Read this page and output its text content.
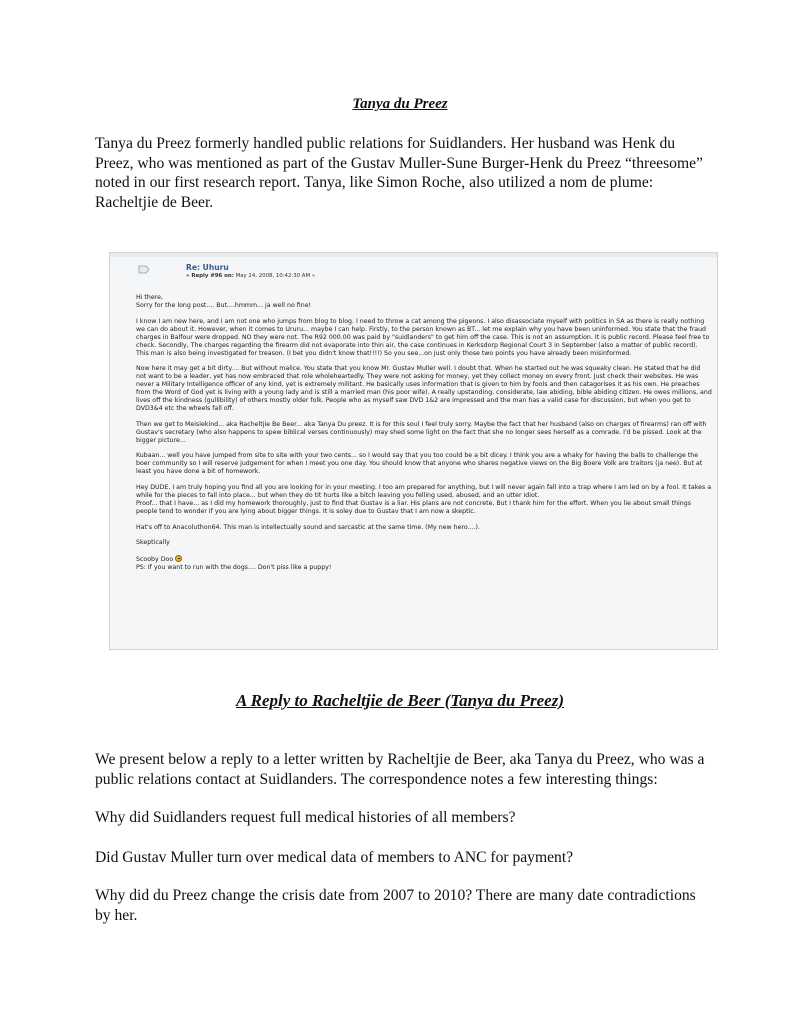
Tanya du Preez

Tanya du Preez formerly handled public relations for Suidlanders. Her husband was Henk du Preez, who was mentioned as part of the Gustav Muller-Sune Burger-Henk du Preez “threesome” noted in our first research report. Tanya, like Simon Roche, also utilized a nom de plume: Racheltjie de Beer.

Re: Uhuru
« Reply #96 on: May 24, 2008, 10:42:30 AM »

Hi there,
Sorry for the long post.... But....hmmm... ja well no fine!

I know I am new here, and I am not one who jumps from blog to blog. I need to throw a cat among the pigeons. I also disassociate myself with politics in SA as there is really nothing we can do about it. However, when it comes to Ururu... maybe I can help. Firstly, to the person known as BT... let me explain why you have been uninformed. You state that the fraud charges in Balfour were dropped. NO they were not. The R92 000.00 was paid by "suidlanders" to get him off the case. This is not an assumption. It is public record. Please feel free to check. Secondly, The charges regarding the firearm did not evaporate into thin air, the case continues in Kerksdorp Regional Court 3 in September (also a matter of public record). This man is also being investigated for treason. (I bet you didn't know that!!!!) So you see...on just only those two points you have already been misinformed.

Now here it may get a bit dirty.... But without malice. You state that you know Mr. Gustav Muller well. I doubt that. When he started out he was squeaky clean. He stated that he did not want to be a leader, yet has now embraced that role wholeheartedly. They were not asking for money, yet they collect money on every front. Just check their websites. He was never a Military Intelligence officer of any kind, yet is extremely militant. He basically uses information that is given to him by fools and then catagorises it as his own. He preaches from the Word of God yet is living with a young lady and is still a married man (his poor wife). A really upstanding, considerate, law abiding, bible abiding citizen. He owes millions, and lives off the kindness (gullibility) of others mostly older folk. People who as myself saw DVD 1&2 are impressed and the man has a valid case for discussion, but when you get to DVD3&4 etc the wheels fall off.

Then we get to Meisiekind... aka Racheltjie Be Beer... aka Tanya Du preez. It is for this soul I feel truly sorry. Maybe the fact that her husband (also on charges of firearms) ran off with Gustav's secretary (who also happens to spew biblical verses continuously) may shed some light on the fact that she no longer sees herself as a comrade. I'd be pissed. Look at the bigger picture...

Kubaan... well you have jumped from site to site with your two cents... so I would say that you too could be a bit dicey. I think you are a whaky for having the balls to challenge the boer community so I will reserve judgement for when I meet you one day. You should know that anyone who shares negative views on the Big Boere Volk are traitors (ja nee). But at least you have done a bit of homework.

Hey DUDE, I am truly hoping you find all you are looking for in your meeting. I too am prepared for anything, but I will never again fall into a trap where I am led on by a fool. It takes a while for the pieces to fall into place... but when they do tit hurts like a bitch leaving you felling used, abused, and an utter idiot.
Proof... that I have... as I did my homework thoroughly, just to find that Gustav is a liar. His plans are not concrete, But I thank him for the effort. When you lie about small things people tend to wonder if you are lying about bigger things. It is soley due to Gustav that I am now a skeptic.

Hat's off to Anacoluthon64. This man is intellectually sound and sarcastic at the same time. (My new hero....).

Skeptically

Scooby Doo
PS: If you want to run with the dogs.... Don't piss like a puppy!

A Reply to Racheltjie de Beer (Tanya du Preez)

We present below a reply to a letter written by Racheltjie de Beer, aka Tanya du Preez, who was a public relations contact at Suidlanders. The correspondence notes a few interesting things:

Why did Suidlanders request full medical histories of all members?

Did Gustav Muller turn over medical data of members to ANC for payment?

Why did du Preez change the crisis date from 2007 to 2010? There are many date contradictions by her.
